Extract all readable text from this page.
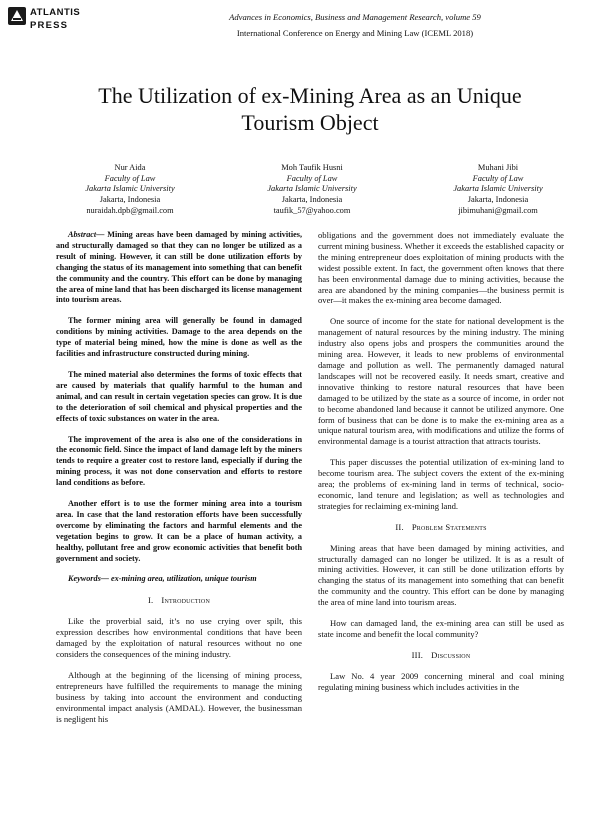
ATLANTIS
PRESS
Advances in Economics, Business and Management Research, volume 59
International Conference on Energy and Mining Law (ICEML 2018)
The Utilization of ex-Mining Area as an Unique
Tourism Object
Nur Aida
Faculty of Law
Jakarta Islamic University
Jakarta, Indonesia
nuraidah.dpb@gmail.com
Moh Taufik Husni
Faculty of Law
Jakarta Islamic University
Jakarta, Indonesia
taufik_57@yahoo.com
Muhani Jibi
Faculty of Law
Jakarta Islamic University
Jakarta, Indonesia
jibimuhani@gmail.com

Abstract— Mining areas have been damaged by mining activities, and structurally damaged so that they can no longer be utilized as a result of mining. However, it can still be done utilization efforts by changing the status of its management into something that can benefit the community and the country. This effort can be done by managing the area of mine land that has been discharged its license management into tourism areas.

The former mining area will generally be found in damaged conditions by mining activities. Damage to the area depends on the type of material being mined, how the mine is done as well as the facilities and infrastructure constructed during mining.

The mined material also determines the forms of toxic effects that are caused by materials that qualify harmful to the human and animal, and can result in certain vegetation species can grow. It is due to the deterioration of soil chemical and physical properties and the effects of toxic substances on water in the area.

The improvement of the area is also one of the considerations in the economic field. Since the impact of land damage left by the miners tends to require a greater cost to restore land, especially if during the mining process, it was not done conservation and efforts to restore land conditions as before.

Another effort is to use the former mining area into a tourism area. In case that the land restoration efforts have been successfully overcome by eliminating the factors and harmful elements and the vegetation begins to grow. It can be a place of human activity, a healthy, pollutant free and grow economic activities that benefit both government and society.

Keywords— ex-mining area, utilization, unique tourism

I. Introduction

Like the proverbial said, it’s no use crying over spilt, this expression describes how environmental conditions that have been damaged by the exploitation of natural resources without no one considers the consequences of the mining industry.

Although at the beginning of the licensing of mining process, entrepreneurs have fulfilled the requirements to manage the mining business by taking into account the environment and conducting environmental impact analysis (AMDAL). However, the businessman is negligent his

obligations and the government does not immediately evaluate the current mining business. Whether it exceeds the established capacity or the mining entrepreneur does exploitation of mining products with the widest possible extent. In fact, the government often knows that there has been environmental damage due to mining activities, because the area are abandoned by the mining companies—the business permit is over—it makes the ex-mining area become damaged.

One source of income for the state for national development is the management of natural resources by the mining industry. The mining industry also opens jobs and prospers the communities around the mining area. However, it leads to new problems of environmental damage and pollution as well. The permanently damaged natural landscapes will not be recovered easily. It needs smart, creative and innovative thinking to restore natural resources that have been damaged to be utilized by the state as a source of income, in order not to become abandoned land because it cannot be utilized anymore. One form of business that can be done is to make the ex-mining area as a unique natural tourism area, with modifications and utilize the forms of environmental damage is a tourist attraction that attracts tourists.

This paper discusses the potential utilization of ex-mining land to become tourism area. The subject covers the extent of the ex-mining area; the problems of ex-mining land in terms of technical, socio-economic, land tenure and legislation; as well as technologies and strategies for reclaiming ex-mining land.

II. Problem Statements

Mining areas that have been damaged by mining activities, and structurally damaged can no longer be utilized. It is as a result of mining activities. However, it can still be done utilization efforts by changing the status of its management into something that can benefit the community and the country. This effort can be done by managing the area of mine land into tourism areas.

How can damaged land, the ex-mining area can still be used as state income and benefit the local community?

III. Discussion

Law No. 4 year 2009 concerning mineral and coal mining regulating mining business which includes activities in the
